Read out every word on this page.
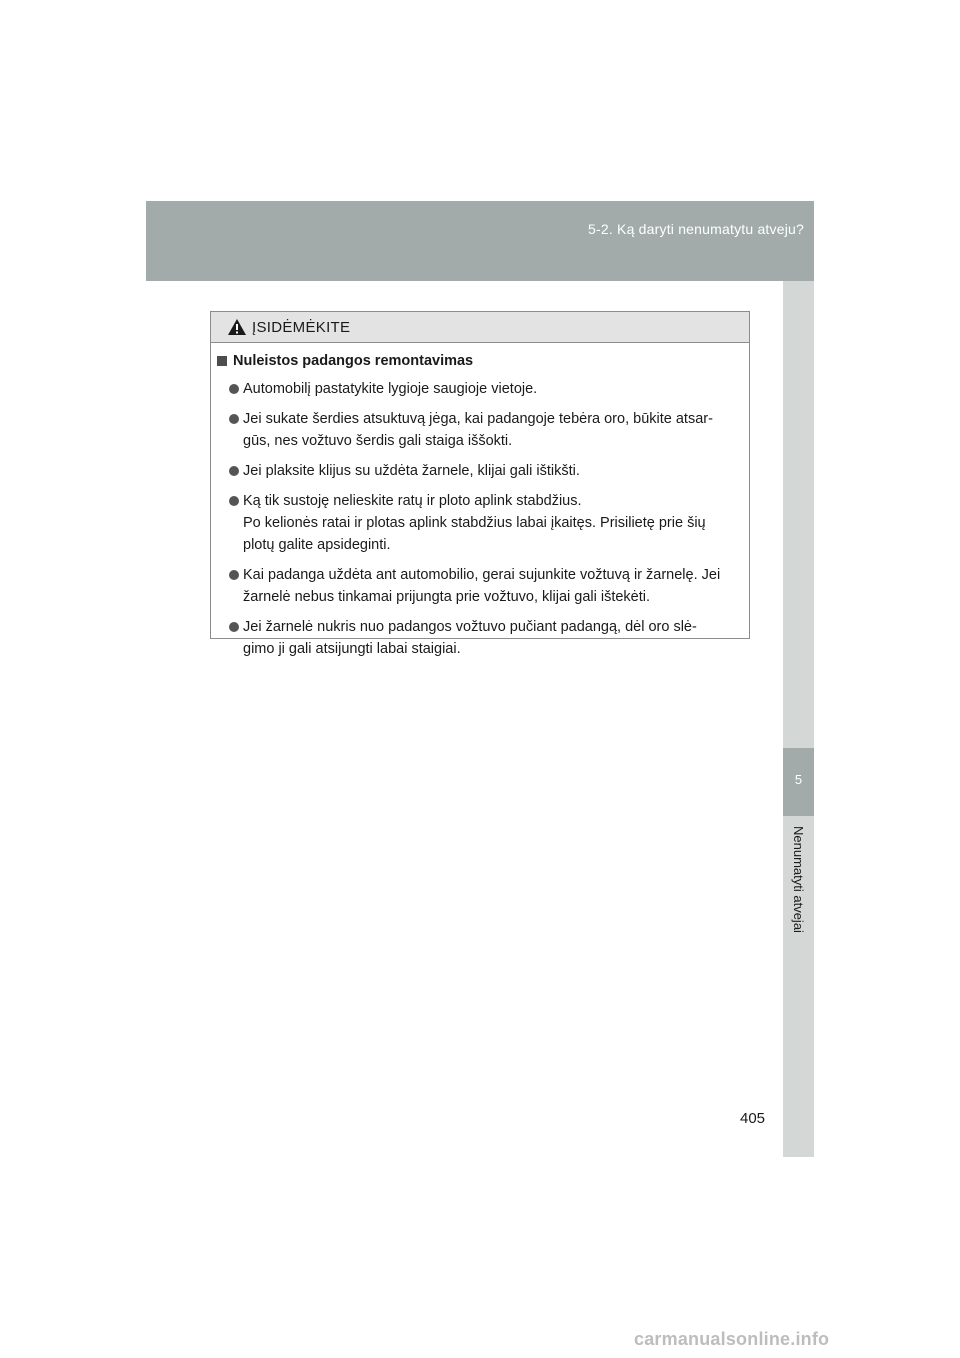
5-2. Ką daryti nenumatytu atveju?
5
Nenumatyti atvejai
ĮSIDĖMĖKITE
Nuleistos padangos remontavimas
Automobilį pastatykite lygioje saugioje vietoje.
Jei sukate šerdies atsuktuvą jėga, kai padangoje tebėra oro, būkite atsar-
gūs, nes vožtuvo šerdis gali staiga iššokti.
Jei plaksite klijus su uždėta žarnele, klijai gali ištikšti.
Ką tik sustoję nelieskite ratų ir ploto aplink stabdžius.
Po kelionės ratai ir plotas aplink stabdžius labai įkaitęs. Prisilietę prie šių
plotų galite apsideginti.
Kai padanga uždėta ant automobilio, gerai sujunkite vožtuvą ir žarnelę. Jei
žarnelė nebus tinkamai prijungta prie vožtuvo, klijai gali ištekėti.
Jei žarnelė nukris nuo padangos vožtuvo pučiant padangą, dėl oro slė-
gimo ji gali atsijungti labai staigiai.
405
carmanualsonline.info
